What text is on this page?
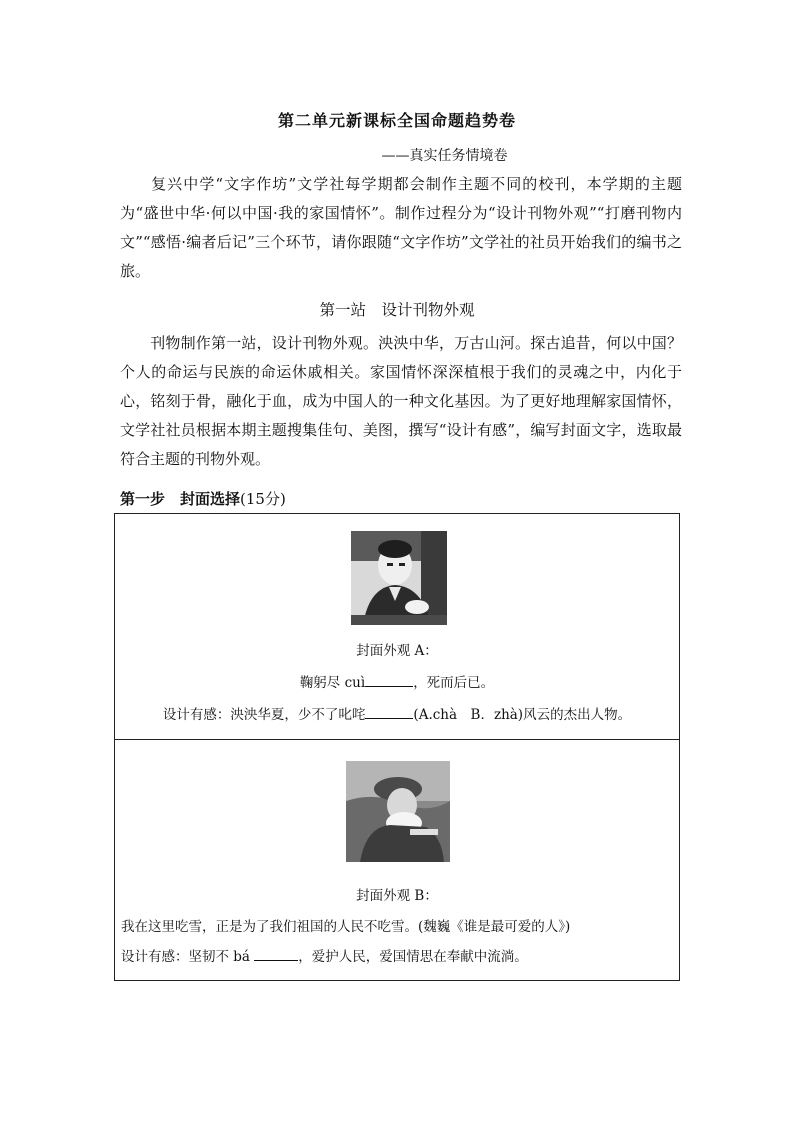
第二单元新课标全国命题趋势卷
——真实任务情境卷
复兴中学“文字作坊”文学社每学期都会制作主题不同的校刊，本学期的主题为“盛世中华·何以中国·我的家国情怀”。制作过程分为“设计刊物外观”“打磨刊物内文”“感悟·编者后记”三个环节，请你跟随“文字作坊”文学社的社员开始我们的编书之旅。
第一站　设计刊物外观
刊物制作第一站，设计刊物外观。泱泱中华，万古山河。探古追昔，何以中国？个人的命运与民族的命运休戚相关。家国情怀深深植根于我们的灵魂之中，内化于心，铭刻于骨，融化于血，成为中国人的一种文化基因。为了更好地理解家国情怀，文学社社员根据本期主题搜集佳句、美图，撰写“设计有感”，编写封面文字，选取最符合主题的刊物外观。
第一步　封面选择(15分)
封面外观 A：
鞠躬尽 cuì	，死而后已。
设计有感：泱泱华夏，少不了叱咤	(A.chà　B．zhà)风云的杰出人物。
封面外观 B：
我在这里吃雪，正是为了我们祖国的人民不吃雪。(魏巍《谁是最可爱的人》)
设计有感：坚韧不 bá	，爱护人民，爱国情思在奉献中流淌。
